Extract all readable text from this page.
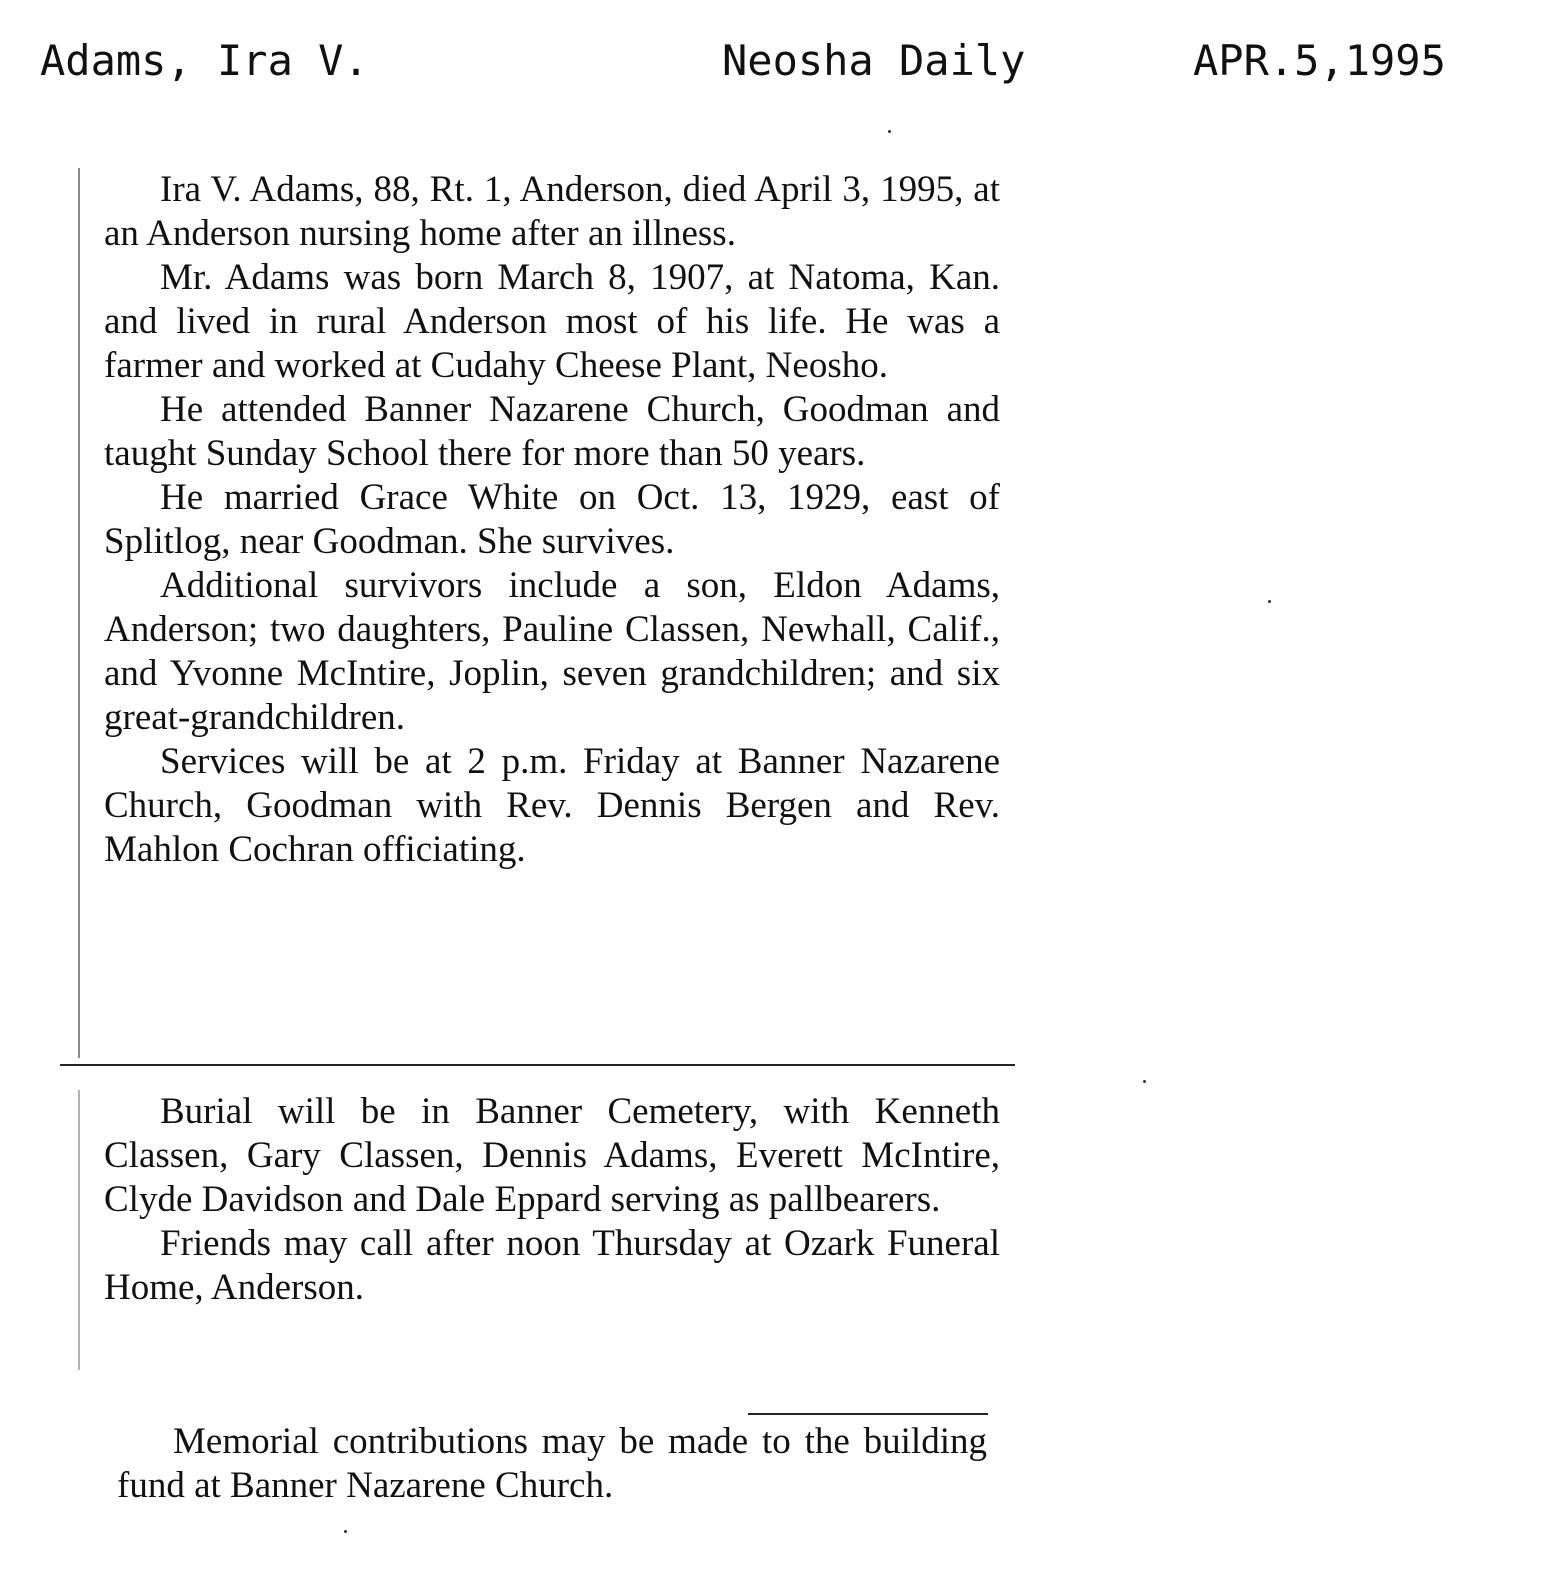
Adams, Ira V.	Neosha Daily	APR.5,1995

Ira V. Adams, 88, Rt. 1, Anderson, died April 3, 1995, at an Anderson nursing home after an illness.

Mr. Adams was born March 8, 1907, at Natoma, Kan. and lived in rural Anderson most of his life. He was a farmer and worked at Cudahy Cheese Plant, Neosho.

He attended Banner Nazarene Church, Goodman and taught Sunday School there for more than 50 years.

He married Grace White on Oct. 13, 1929, east of Splitlog, near Goodman. She survives.

Additional survivors include a son, Eldon Adams, Anderson; two daughters, Pauline Classen, Newhall, Calif., and Yvonne McIntire, Joplin, seven grandchildren; and six great-grandchildren.

Services will be at 2 p.m. Friday at Banner Nazarene Church, Goodman with Rev. Dennis Bergen and Rev. Mahlon Cochran officiating.

Burial will be in Banner Cemetery, with Kenneth Classen, Gary Classen, Dennis Adams, Everett McIntire, Clyde Davidson and Dale Eppard serving as pallbearers.

Friends may call after noon Thursday at Ozark Funeral Home, Anderson.

Memorial contributions may be made to the building fund at Banner Nazarene Church.
